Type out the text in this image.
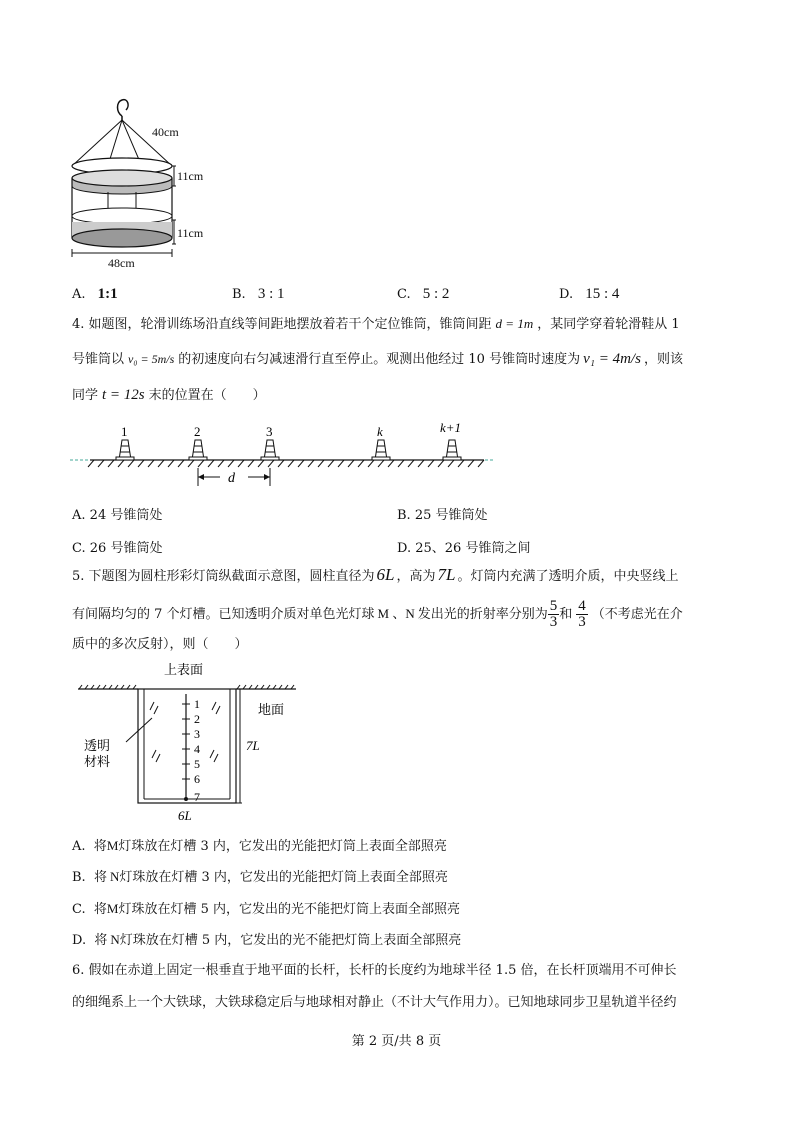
40cm
11cm
11cm
48cm
A. 1:1	B. 3 : 1	C. 5 : 2	D. 15 : 4
4. 如题图，轮滑训练场沿直线等间距地摆放着若干个定位锥筒，锥筒间距 d = 1m ，某同学穿着轮滑鞋从 1
号锥筒以 v₀ = 5m/s 的初速度向右匀减速滑行直至停止。观测出他经过 10 号锥筒时速度为 v₁ = 4m/s ，则该
同学 t = 12s 末的位置在（　　）
1	2	3	k	k+1
d
A. 24 号锥筒处	B. 25 号锥筒处
C. 26 号锥筒处	D. 25、26 号锥筒之间
5. 下题图为圆柱形彩灯筒纵截面示意图，圆柱直径为 6L ，高为 7L 。灯筒内充满了透明介质，中央竖线上
有间隔均匀的 7 个灯槽。已知透明介质对单色光灯球 M 、N 发出光的折射率分别为 $\frac{5}{3}$ 和 $\frac{4}{3}$ （不考虑光在介
质中的多次反射），则（　　）
上表面
1
2
3
4
5
6
7
透明
材料
地面
7L
6L
A. 将M灯珠放在灯槽 3 内，它发出的光能把灯筒上表面全部照亮
B. 将 N灯珠放在灯槽 3 内，它发出的光能把灯筒上表面全部照亮
C. 将M灯珠放在灯槽 5 内，它发出的光不能把灯筒上表面全部照亮
D. 将 N灯珠放在灯槽 5 内，它发出的光不能把灯筒上表面全部照亮
6. 假如在赤道上固定一根垂直于地平面的长杆，长杆的长度约为地球半径 1.5 倍，在长杆顶端用不可伸长
的细绳系上一个大铁球，大铁球稳定后与地球相对静止（不计大气作用力）。已知地球同步卫星轨道半径约
第 2 页/共 8 页
